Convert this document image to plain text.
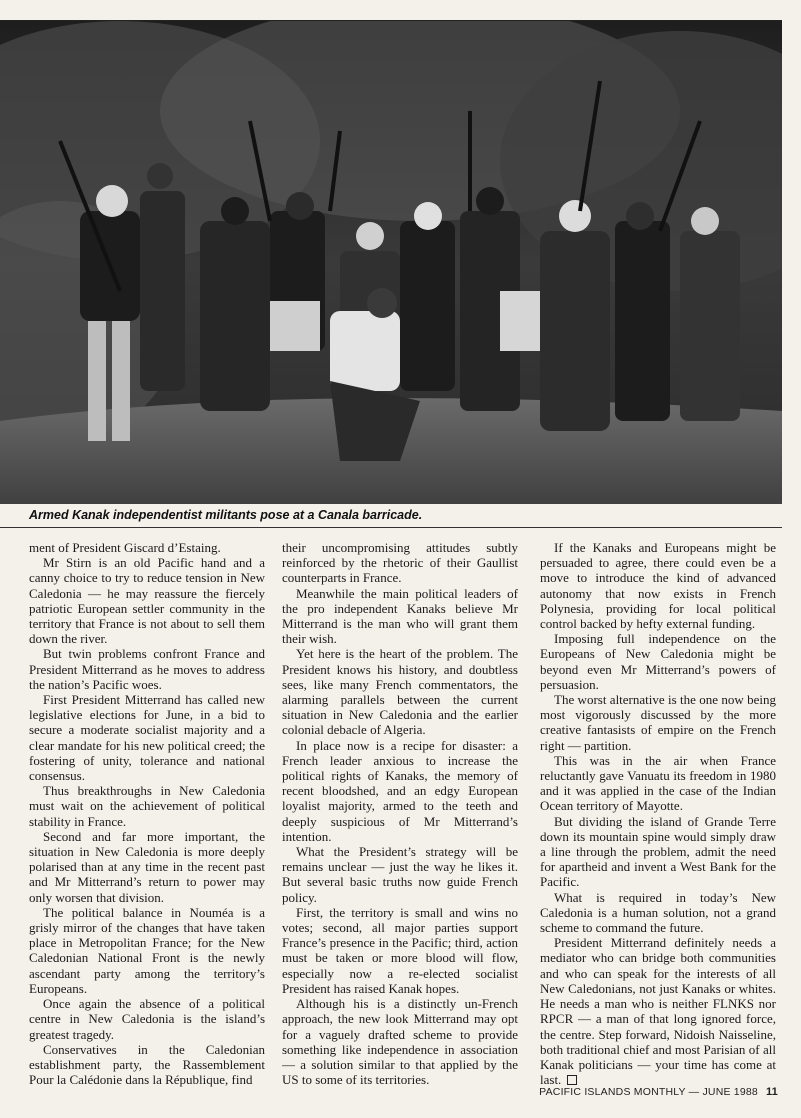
Armed Kanak independentist militants pose at a Canala barricade.

ment of President Giscard d’Estaing.

Mr Stirn is an old Pacific hand and a canny choice to try to reduce tension in New Caledonia — he may reassure the fiercely patriotic European settler community in the territory that France is not about to sell them down the river.

But twin problems confront France and President Mitterrand as he moves to address the nation’s Pacific woes.

First President Mitterrand has called new legislative elections for June, in a bid to secure a moderate socialist majority and a clear mandate for his new political creed; the fostering of unity, tolerance and national consensus.

Thus breakthroughs in New Caledonia must wait on the achievement of political stability in France.

Second and far more important, the situation in New Caledonia is more deeply polarised than at any time in the recent past and Mr Mitterrand’s return to power may only worsen that division.

The political balance in Nouméa is a grisly mirror of the changes that have taken place in Metropolitan France; for the New Caledonian National Front is the newly ascendant party among the territory’s Europeans.

Once again the absence of a political centre in New Caledonia is the island’s greatest tragedy.

Conservatives in the Caledonian establishment party, the Rassemblement Pour la Calédonie dans la République, find

their uncompromising attitudes subtly reinforced by the rhetoric of their Gaullist counterparts in France.

Meanwhile the main political leaders of the pro independent Kanaks believe Mr Mitterrand is the man who will grant them their wish.

Yet here is the heart of the problem. The President knows his history, and doubtless sees, like many French commentators, the alarming parallels between the current situation in New Caledonia and the earlier colonial debacle of Algeria.

In place now is a recipe for disaster: a French leader anxious to increase the political rights of Kanaks, the memory of recent bloodshed, and an edgy European loyalist majority, armed to the teeth and deeply suspicious of Mr Mitterrand’s intention.

What the President’s strategy will be remains unclear — just the way he likes it. But several basic truths now guide French policy.

First, the territory is small and wins no votes; second, all major parties support France’s presence in the Pacific; third, action must be taken or more blood will flow, especially now a re-elected socialist President has raised Kanak hopes.

Although his is a distinctly un-French approach, the new look Mitterrand may opt for a vaguely drafted scheme to provide something like independence in association — a solution similar to that applied by the US to some of its territories.

If the Kanaks and Europeans might be persuaded to agree, there could even be a move to introduce the kind of advanced autonomy that now exists in French Polynesia, providing for local political control backed by hefty external funding.

Imposing full independence on the Europeans of New Caledonia might be beyond even Mr Mitterrand’s powers of persuasion.

The worst alternative is the one now being most vigorously discussed by the more creative fantasists of empire on the French right — partition.

This was in the air when France reluctantly gave Vanuatu its freedom in 1980 and it was applied in the case of the Indian Ocean territory of Mayotte.

But dividing the island of Grande Terre down its mountain spine would simply draw a line through the problem, admit the need for apartheid and invent a West Bank for the Pacific.

What is required in today’s New Caledonia is a human solution, not a grand scheme to command the future.

President Mitterrand definitely needs a mediator who can bridge both communities and who can speak for the interests of all New Caledonians, not just Kanaks or whites. He needs a man who is neither FLNKS nor RPCR — a man of that long ignored force, the centre. Step forward, Nidoish Naisseline, both traditional chief and most Parisian of all Kanak politicians — your time has come at last.

PACIFIC ISLANDS MONTHLY — JUNE 1988 11
